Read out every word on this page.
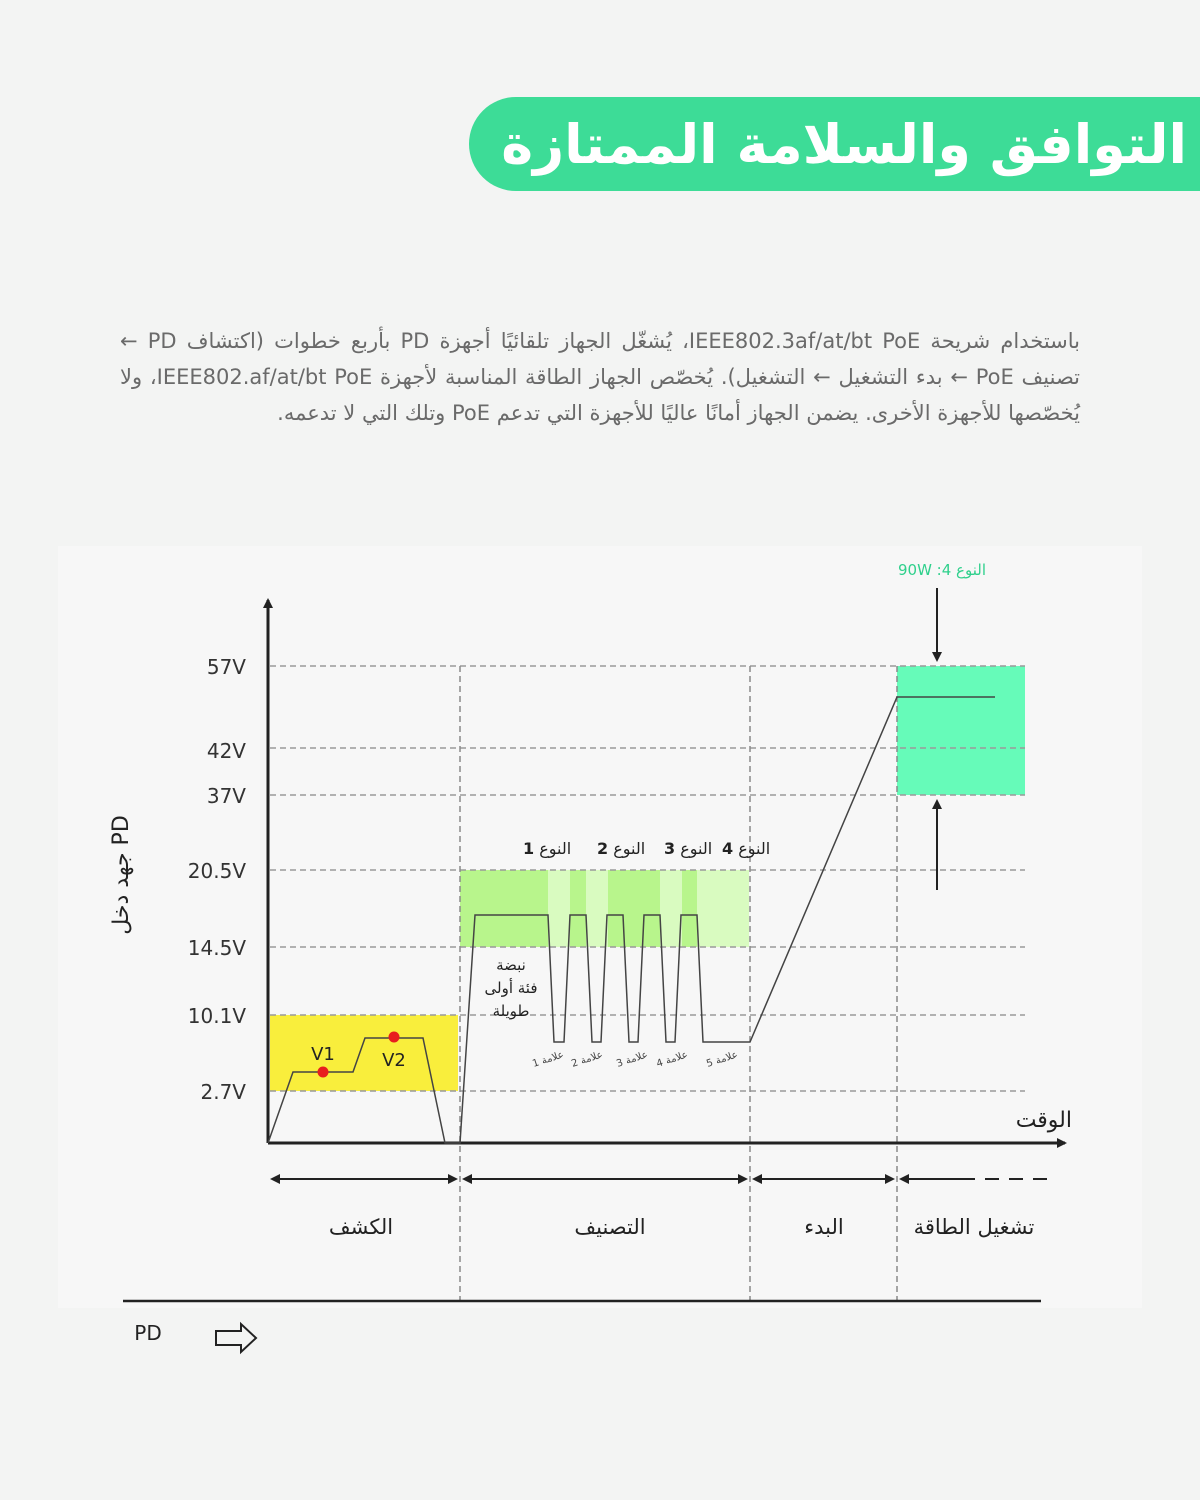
التوافق والسلامة الممتازة

باستخدام شريحة IEEE802.3af/at/bt PoE، يُشغّل الجهاز تلقائيًا أجهزة PD بأربع خطوات (اكتشاف PD ← تصنيف PoE ← بدء التشغيل ← التشغيل). يُخصّص الجهاز الطاقة المناسبة لأجهزة IEEE802.af/at/bt PoE، ولا يُخصّصها للأجهزة الأخرى. يضمن الجهاز أمانًا عاليًا للأجهزة التي تدعم PoE وتلك التي لا تدعمه.

57V
42V
37V
20.5V
14.5V
10.1V
2.7V
جهد دخل PD
الوقت
V1	V2
النوع 1	النوع 2	النوع 3	النوع 4
نبضة
فئة أولى
طويلة
علامة 1 علامة 2 علامة 3 علامة 4 علامة 5
النوع 4: 90W
الكشف	التصنيف	البدء	تشغيل الطاقة
PD
